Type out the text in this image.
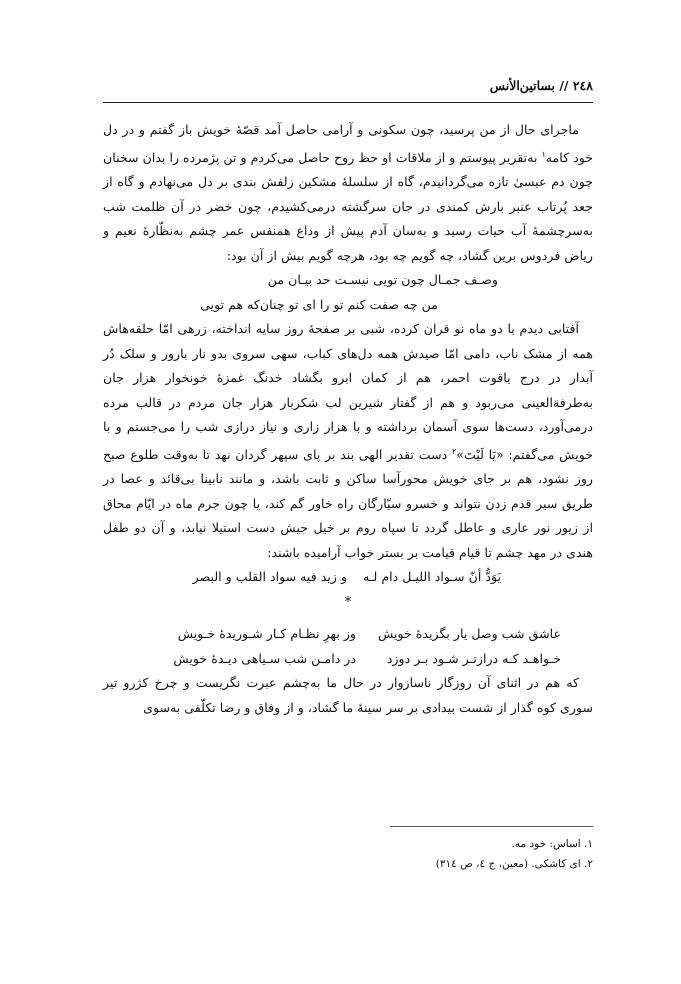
٢٤٨ // بساتين‌الأنس

ماجرای حال از من پرسید، چون سکونی و آرامی حاصل آمد قصّهٔ خویش باز گفتم و در دل خود کامه$^١$ به‌تقریر پیوستم و از ملاقات او حظ روح حاصل می‌کردم و تن پژمرده را بدان سخنان چون دم عیسیٰ تازه می‌گردانیدم، گاه از سلسلهٔ مشکین زلفش بندی بر دل می‌نهادم و گاه از جعد پُرتاب عنبر بارش کمندی در جان سرگشته درمی‌کشیدم، چون خضر در آن ظلمت شب به‌سرچشمهٔ آب حیات رسید و به‌سان آدم پیش از وداع همنفس عمر چشم به‌نظّارهٔ نعیم و ریاض فردوس برین گشاد، چه گویم چه بود، هرچه گویم بیش از آن بود:

وصـف جمـال چون تویی نیسـت حد بیـان من
من چه صفت کنم تو را ای تو چنان‌که هم تویی

آفتابی دیدم با دو ماه نو قران کرده، شبی بر صفحهٔ روز سایه انداخته، زرهی امّا حلقه‌هاش همه از مشک ناب، دامی امّا صیدش همه دل‌های کباب، سهی سروی بدو نار بارور و سلک دُر آبدار در درج یاقوت احمر، هم از کمان ابرو بگشاد خدنگ غمزهٔ خونخوار هزار جان به‌طرفة‌العینی می‌ربود و هم از گفتار شیرین لب شکربار هزار جان مردم در قالب مرده درمی‌آورد، دست‌ها سوی آسمان برداشته و با هزار زاری و نیاز درازی شب را می‌جستم و با خویش می‌گفتم: «یَا لَیْتَ»$^٢$ دست تقدیر الهی بند بر پای سپهر گردان نهد تا به‌وقت طلوع صبح روز نشود، هم بر جای خویش محورآسا ساکن و ثابت باشد، و مانند نابینا بی‌قائد و عصا در طریق سیر قدم زدن نتواند و خسرو سیّارگان راه خاور گم کند، یا چون جرم ماه در ایّام محاق از زیور نور عاری و عاطل گردد تا سپاه روم بر خیل جیش دست استیلا نیابد، و آن دو طفل هندی در مهد چشم تا قیام قیامت بر بستر خواب آرامیده باشند:

یَوَدُّ أنّ سـواد اللیـل دام لـه
و زید فیه سواد القلب و البصر
*
عاشق شب وصل یار بگزیدهٔ خویش
وز بهرِ نظـام کـار شـوریدهٔ خـویش
خـواهـد کـه درازتـر شـود بـر دوزد
در دامـن شب سـیاهی دیـدهٔ خویش

که هم در اثنای آن روزگار ناسازوار در حال ما به‌چشم عبرت نگریست و چرخ کژرو تیر سوری کوه گذار از شست بیدادی بر سر سینهٔ ما گشاد، و از وفاق و رضا تکلّفی به‌سوی

١. اساس: خود مه.
٢. ای کاشکی. (معین، ج ٤، ص ٣١٤)
